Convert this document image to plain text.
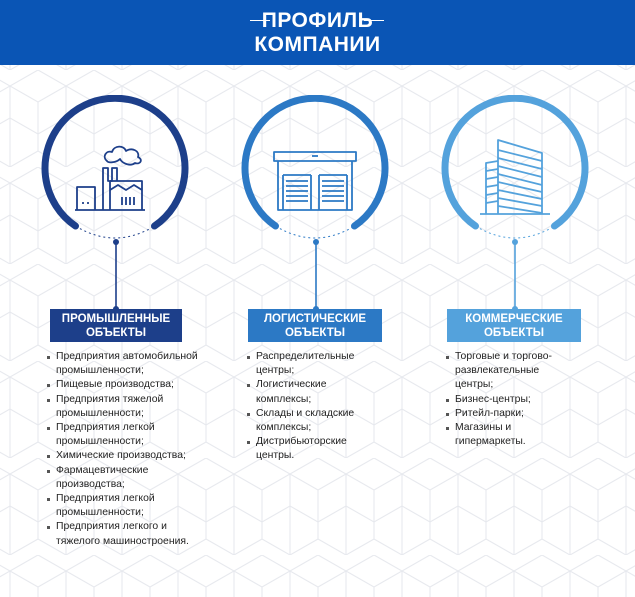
ПРОФИЛЬ
КОМПАНИИ
ПРОМЫШЛЕННЫЕ
ОБЪЕКТЫ
Предприятия автомобильной промышленности;
Пищевые производства;
Предприятия тяжелой промышленности;
Предприятия легкой промышленности;
Химические производства;
Фармацевтические производства;
Предприятия легкой промышленности;
Предприятия легкого и тяжелого машиностроения.
ЛОГИСТИЧЕСКИЕ
ОБЪЕКТЫ
Распределительные центры;
Логистические комплексы;
Склады и складские комплексы;
Дистрибьюторские центры.
КОММЕРЧЕСКИЕ
ОБЪЕКТЫ
Торговые и торгово-развлекательные центры;
Бизнес-центры;
Ритейл-парки;
Магазины и гипермаркеты.
